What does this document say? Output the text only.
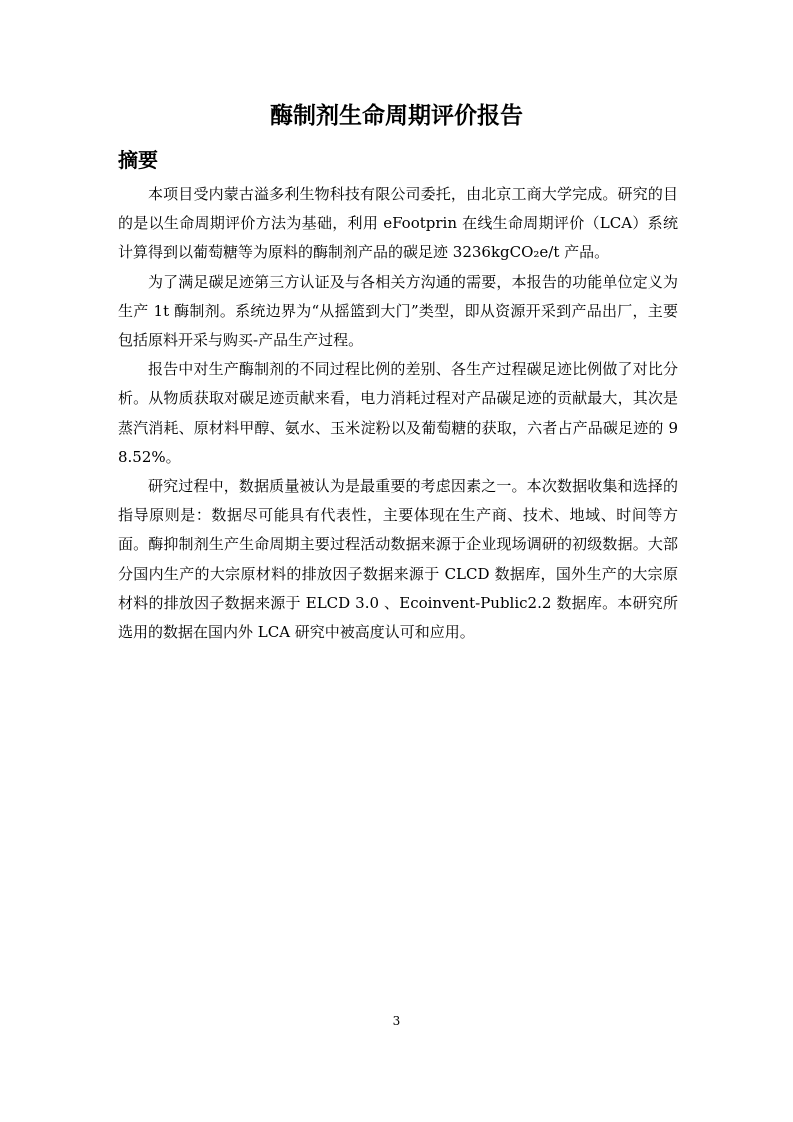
酶制剂生命周期评价报告
摘要

本项目受内蒙古溢多利生物科技有限公司委托，由北京工商大学完成。研究的目的是以生命周期评价方法为基础，利用 eFootprin 在线生命周期评价（LCA）系统计算得到以葡萄糖等为原料的酶制剂产品的碳足迹 3236kgCO₂e/t 产品。

为了满足碳足迹第三方认证及与各相关方沟通的需要，本报告的功能单位定义为生产 1t 酶制剂。系统边界为“从摇篮到大门”类型，即从资源开采到产品出厂，主要包括原料开采与购买-产品生产过程。

报告中对生产酶制剂的不同过程比例的差别、各生产过程碳足迹比例做了对比分析。从物质获取对碳足迹贡献来看，电力消耗过程对产品碳足迹的贡献最大，其次是蒸汽消耗、原材料甲醇、氨水、玉米淀粉以及葡萄糖的获取，六者占产品碳足迹的 98.52%。

研究过程中，数据质量被认为是最重要的考虑因素之一。本次数据收集和选择的指导原则是：数据尽可能具有代表性，主要体现在生产商、技术、地域、时间等方面。酶抑制剂生产生命周期主要过程活动数据来源于企业现场调研的初级数据。大部分国内生产的大宗原材料的排放因子数据来源于 CLCD 数据库，国外生产的大宗原材料的排放因子数据来源于 ELCD 3.0 、Ecoinvent-Public2.2 数据库。本研究所选用的数据在国内外 LCA 研究中被高度认可和应用。

3
